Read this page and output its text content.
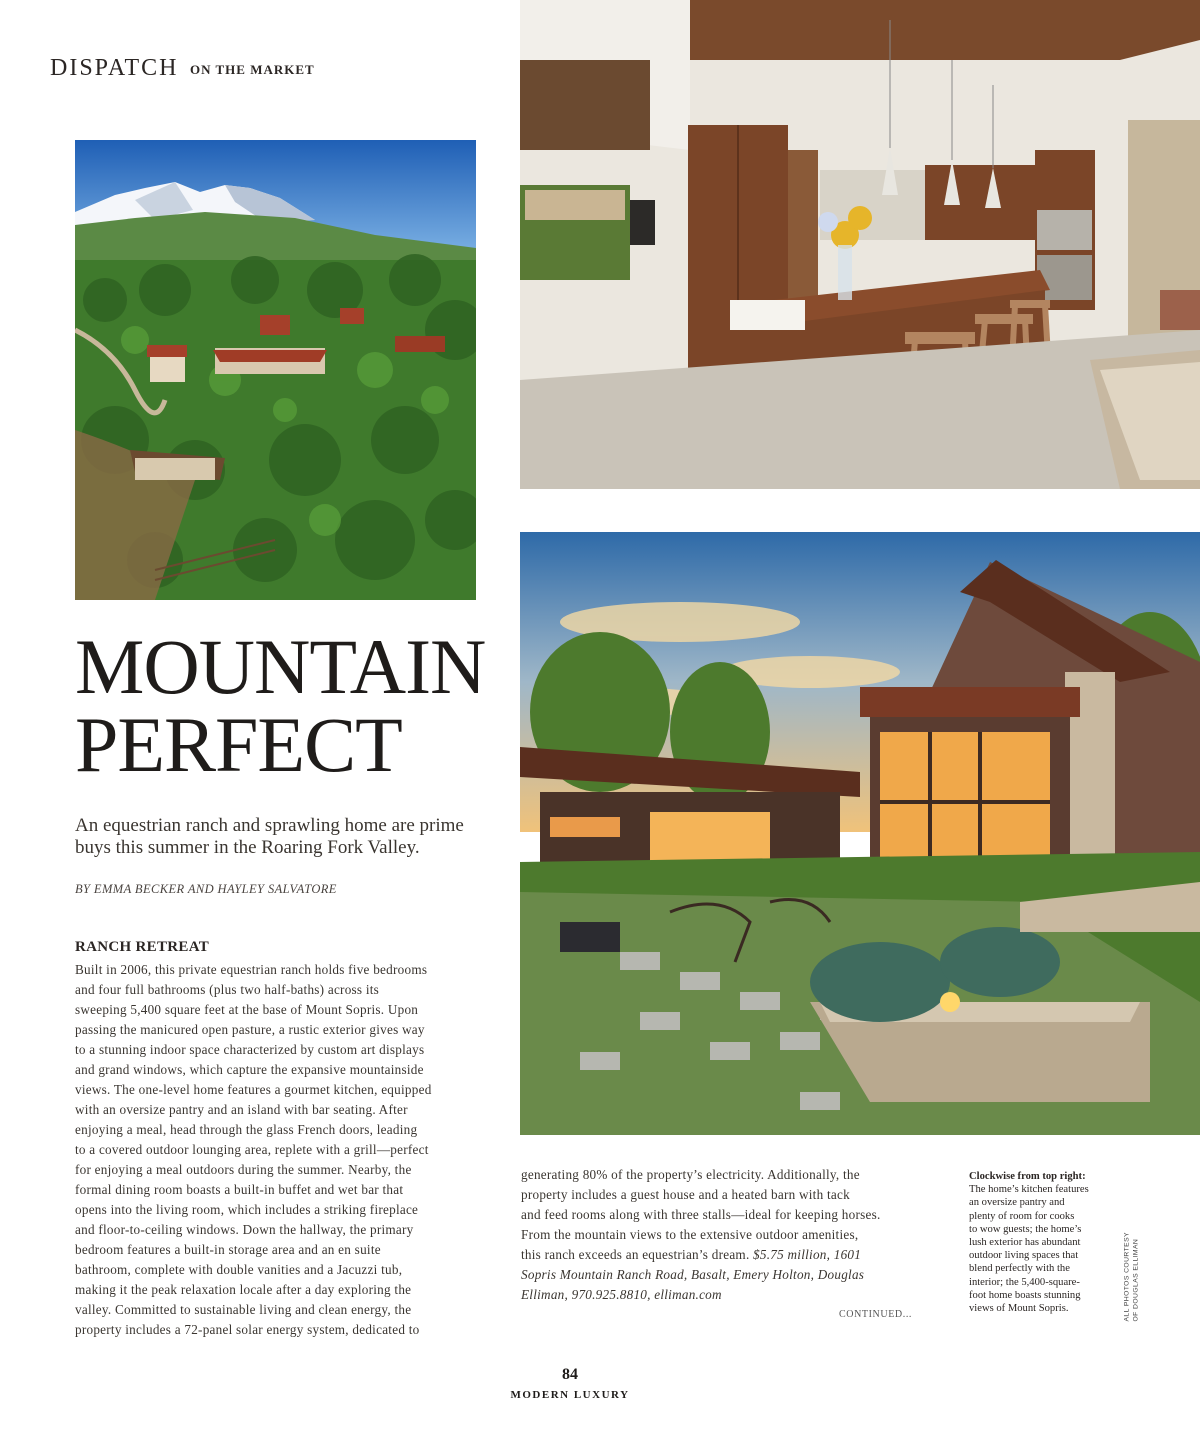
DISPATCH ON THE MARKET
MOUNTAIN
PERFECT
An equestrian ranch and sprawling home are prime
buys this summer in the Roaring Fork Valley.
BY EMMA BECKER AND HAYLEY SALVATORE
RANCH RETREAT

Built in 2006, this private equestrian ranch holds five bedrooms
and four full bathrooms (plus two half-baths) across its
sweeping 5,400 square feet at the base of Mount Sopris. Upon
passing the manicured open pasture, a rustic exterior gives way
to a stunning indoor space characterized by custom art displays
and grand windows, which capture the expansive mountainside
views. The one-level home features a gourmet kitchen, equipped
with an oversize pantry and an island with bar seating. After
enjoying a meal, head through the glass French doors, leading
to a covered outdoor lounging area, replete with a grill—perfect
for enjoying a meal outdoors during the summer. Nearby, the
formal dining room boasts a built-in buffet and wet bar that
opens into the living room, which includes a striking fireplace
and floor-to-ceiling windows. Down the hallway, the primary
bedroom features a built-in storage area and an en suite
bathroom, complete with double vanities and a Jacuzzi tub,
making it the peak relaxation locale after a day exploring the
valley. Committed to sustainable living and clean energy, the
property includes a 72-panel solar energy system, dedicated to

generating 80% of the property’s electricity. Additionally, the
property includes a guest house and a heated barn with tack
and feed rooms along with three stalls—ideal for keeping horses.
From the mountain views to the extensive outdoor amenities,
this ranch exceeds an equestrian’s dream. $5.75 million, 1601
Sopris Mountain Ranch Road, Basalt, Emery Holton, Douglas
Elliman, 970.925.8810, elliman.com

CONTINUED...
Clockwise from top right:
The home’s kitchen features
an oversize pantry and
plenty of room for cooks
to wow guests; the home’s
lush exterior has abundant
outdoor living spaces that
blend perfectly with the
interior; the 5,400-square-
foot home boasts stunning
views of Mount Sopris.	ALL PHOTOS COURTESY OF DOUGLAS ELLIMAN
84
MODERN LUXURY
